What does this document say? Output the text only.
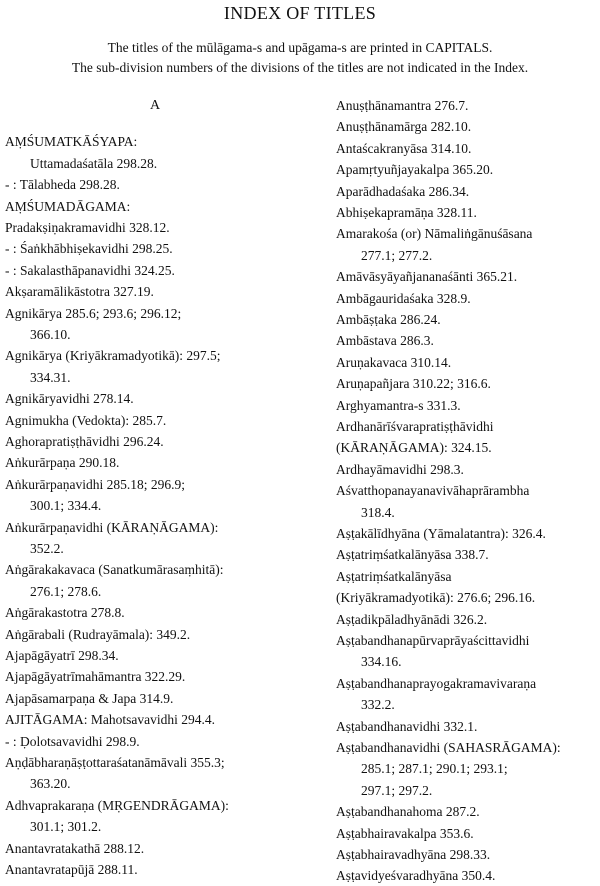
INDEX OF TITLES
The titles of the mūlāgama-s and upāgama-s are printed in CAPITALS.
The sub-division numbers of the divisions of the titles are not indicated in the Index.
A
AṂŚUMATKĀŚYAPA:
Uttamadaśatāla 298.28.
- : Tālabheda 298.28.
AṂŚUMADĀGAMA:
Pradakṣiṇakramavidhi 328.12.
- : Śaṅkhābhiṣekavidhi 298.25.
- : Sakalasthāpanavidhi 324.25.
Akṣaramālikāstotra 327.19.
Agnikārya 285.6; 293.6; 296.12;
366.10.
Agnikārya (Kriyākramadyotikā): 297.5;
334.31.
Agnikāryavidhi 278.14.
Agnimukha (Vedokta): 285.7.
Aghorapratiṣṭhāvidhi 296.24.
Aṅkurārpaṇa 290.18.
Aṅkurārpaṇavidhi 285.18; 296.9;
300.1; 334.4.
Aṅkurārpaṇavidhi (KĀRAṆĀGAMA):
352.2.
Aṅgārakakavaca (Sanatkumārasaṃhitā):
276.1; 278.6.
Aṅgārakastotra 278.8.
Aṅgārabali (Rudrayāmala): 349.2.
Ajapāgāyatrī 298.34.
Ajapāgāyatrīmahāmantra 322.29.
Ajapāsamarpaṇa & Japa 314.9.
AJITĀGAMA: Mahotsavavidhi 294.4.
- : Ḍolotsavavidhi 298.9.
Aṇḍābharaṇāṣṭottaraśatanāmāvali 355.3;
363.20.
Adhvaprakaraṇa (MṚGENDRĀGAMA):
301.1; 301.2.
Anantavratakathā 288.12.
Anantavratapūjā 288.11.
Anuṣṭhānamantra 276.7.
Anuṣṭhānamārga 282.10.
Antaścakranyāsa 314.10.
Apamṛtyuñjayakalpa 365.20.
Aparādhadaśaka 286.34.
Abhiṣekapramāṇa 328.11.
Amarakośa (or) Nāmaliṅgānuśāsana
277.1; 277.2.
Amāvāsyāyañjananaśānti 365.21.
Ambāgauridaśaka 328.9.
Ambāṣṭaka 286.24.
Ambāstava 286.3.
Aruṇakavaca 310.14.
Aruṇapañjara 310.22; 316.6.
Arghyamantra-s 331.3.
Ardhanārīśvarapratiṣṭhāvidhi
(KĀRAṆĀGAMA): 324.15.
Ardhayāmavidhi 298.3.
Aśvatthopanayanavivāhaprārambha
318.4.
Aṣṭakālīdhyāna (Yāmalatantra): 326.4.
Aṣṭatriṃśatkalānyāsa 338.7.
Aṣṭatriṃśatkalānyāsa
(Kriyākramadyotikā): 276.6; 296.16.
Aṣṭadikpāladhyānādi 326.2.
Aṣṭabandhanapūrvaprāyaścittavidhi
334.16.
Aṣṭabandhanaprayogakramavivaraṇa
332.2.
Aṣṭabandhanavidhi 332.1.
Aṣṭabandhanavidhi (SAHASRĀGAMA):
285.1; 287.1; 290.1; 293.1;
297.1; 297.2.
Aṣṭabandhanahoma 287.2.
Aṣṭabhairavakalpa 353.6.
Aṣṭabhairavadhyāna 298.33.
Aṣṭavidyeśvaradhyāna 350.4.
